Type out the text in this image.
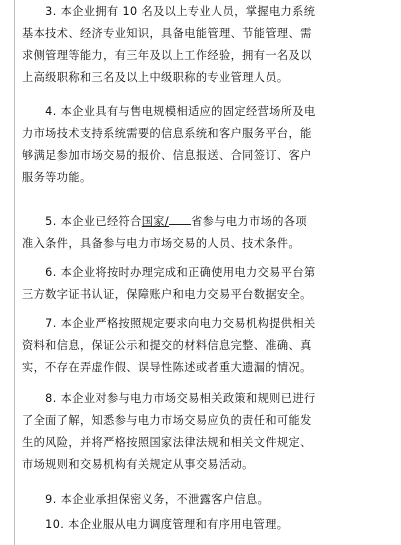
　　3. 本企业拥有 10 名及以上专业人员，掌握电力系统
基本技术、经济专业知识，具备电能管理、节能管理、需
求侧管理等能力，有三年及以上工作经验，拥有一名及以
上高级职称和三名及以上中级职称的专业管理人员。
　　4. 本企业具有与售电规模相适应的固定经营场所及电
力市场技术支持系统需要的信息系统和客户服务平台，能
够满足参加市场交易的报价、信息报送、合同签订、客户
服务等功能。
　　5. 本企业已经符合国家/ 省参与电力市场的各项
准入条件，具备参与电力市场交易的人员、技术条件。
　　6. 本企业将按时办理完成和正确使用电力交易平台第
三方数字证书认证，保障账户和电力交易平台数据安全。
　　7. 本企业严格按照规定要求向电力交易机构提供相关
资料和信息，保证公示和提交的材料信息完整、准确、真
实，不存在弄虚作假、误导性陈述或者重大遗漏的情况。
　　8. 本企业对参与电力市场交易相关政策和规则已进行
了全面了解，知悉参与电力市场交易应负的责任和可能发
生的风险，并将严格按照国家法律法规和相关文件规定、
市场规则和交易机构有关规定从事交易活动。
　　9. 本企业承担保密义务，不泄露客户信息。
　　10. 本企业服从电力调度管理和有序用电管理。
